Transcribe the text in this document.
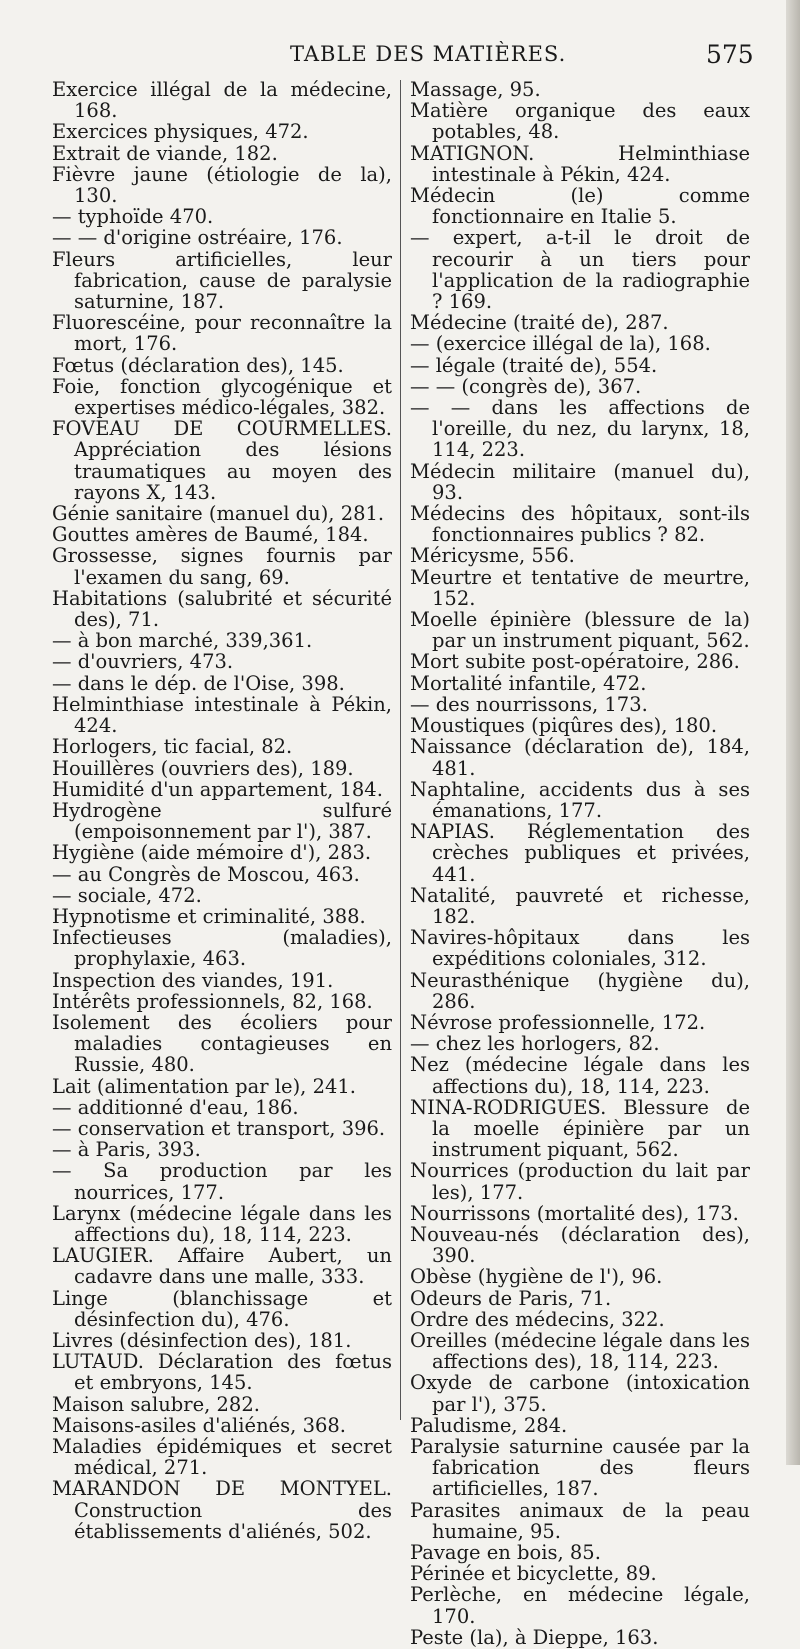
TABLE DES MATIÈRES.	575

Exercice illégal de la médecine, 168.

Exercices physiques, 472.

Extrait de viande, 182.

Fièvre jaune (étiologie de la), 130.

— typhoïde 470.

— — d'origine ostréaire, 176.

Fleurs artificielles, leur fabrication, cause de paralysie saturnine, 187.

Fluorescéine, pour reconnaître la mort, 176.

Fœtus (déclaration des), 145.

Foie, fonction glycogénique et expertises médico-légales, 382.

FOVEAU DE COURMELLES. Appréciation des lésions traumatiques au moyen des rayons X, 143.

Génie sanitaire (manuel du), 281.

Gouttes amères de Baumé, 184.

Grossesse, signes fournis par l'examen du sang, 69.

Habitations (salubrité et sécurité des), 71.

— à bon marché, 339,361.

— d'ouvriers, 473.

— dans le dép. de l'Oise, 398.

Helminthiase intestinale à Pékin, 424.

Horlogers, tic facial, 82.

Houillères (ouvriers des), 189.

Humidité d'un appartement, 184.

Hydrogène sulfuré (empoisonnement par l'), 387.

Hygiène (aide mémoire d'), 283.

— au Congrès de Moscou, 463.

— sociale, 472.

Hypnotisme et criminalité, 388.

Infectieuses (maladies), prophylaxie, 463.

Inspection des viandes, 191.

Intérêts professionnels, 82, 168.

Isolement des écoliers pour maladies contagieuses en Russie, 480.

Lait (alimentation par le), 241.

— additionné d'eau, 186.

— conservation et transport, 396.

— à Paris, 393.

— Sa production par les nourrices, 177.

Larynx (médecine légale dans les affections du), 18, 114, 223.

LAUGIER. Affaire Aubert, un cadavre dans une malle, 333.

Linge (blanchissage et désinfection du), 476.

Livres (désinfection des), 181.

LUTAUD. Déclaration des fœtus et embryons, 145.

Maison salubre, 282.

Maisons-asiles d'aliénés, 368.

Maladies épidémiques et secret médical, 271.

MARANDON DE MONTYEL. Construction des établissements d'aliénés, 502.

Massage, 95.

Matière organique des eaux potables, 48.

MATIGNON. Helminthiase intestinale à Pékin, 424.

Médecin (le) comme fonctionnaire en Italie 5.

— expert, a-t-il le droit de recourir à un tiers pour l'application de la radiographie ? 169.

Médecine (traité de), 287.

— (exercice illégal de la), 168.

— légale (traité de), 554.

— — (congrès de), 367.

— — dans les affections de l'oreille, du nez, du larynx, 18, 114, 223.

Médecin militaire (manuel du), 93.

Médecins des hôpitaux, sont-ils fonctionnaires publics ? 82.

Méricysme, 556.

Meurtre et tentative de meurtre, 152.

Moelle épinière (blessure de la) par un instrument piquant, 562.

Mort subite post-opératoire, 286.

Mortalité infantile, 472.

— des nourrissons, 173.

Moustiques (piqûres des), 180.

Naissance (déclaration de), 184, 481.

Naphtaline, accidents dus à ses émanations, 177.

NAPIAS. Réglementation des crèches publiques et privées, 441.

Natalité, pauvreté et richesse, 182.

Navires-hôpitaux dans les expéditions coloniales, 312.

Neurasthénique (hygiène du), 286.

Névrose professionnelle, 172.

— chez les horlogers, 82.

Nez (médecine légale dans les affections du), 18, 114, 223.

NINA-RODRIGUES. Blessure de la moelle épinière par un instrument piquant, 562.

Nourrices (production du lait par les), 177.

Nourrissons (mortalité des), 173.

Nouveau-nés (déclaration des), 390.

Obèse (hygiène de l'), 96.

Odeurs de Paris, 71.

Ordre des médecins, 322.

Oreilles (médecine légale dans les affections des), 18, 114, 223.

Oxyde de carbone (intoxication par l'), 375.

Paludisme, 284.

Paralysie saturnine causée par la fabrication des fleurs artificielles, 187.

Parasites animaux de la peau humaine, 95.

Pavage en bois, 85.

Périnée et bicyclette, 89.

Perlèche, en médecine légale, 170.

Peste (la), à Dieppe, 163.
